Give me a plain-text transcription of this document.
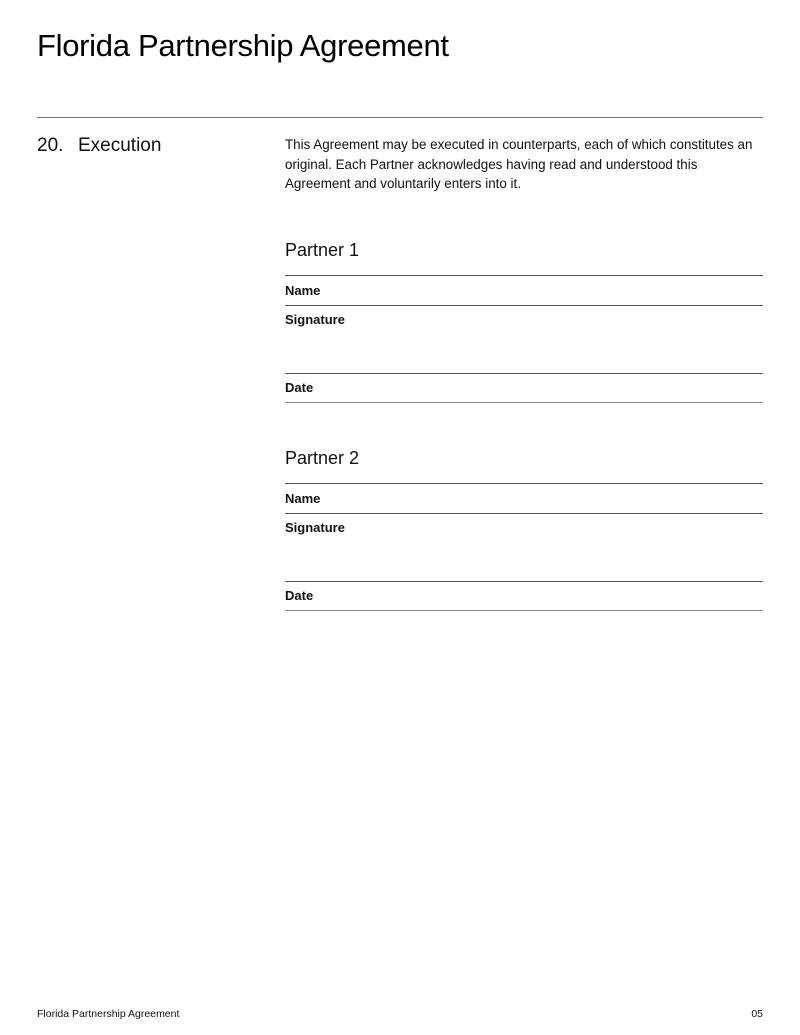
Florida Partnership Agreement
20. Execution	This Agreement may be executed in counterparts, each of which constitutes an original. Each Partner acknowledges having read and understood this Agreement and voluntarily enters into it.

Partner 1
Name
Signature
Date
Partner 2
Name
Signature
Date
Florida Partnership Agreement	05
